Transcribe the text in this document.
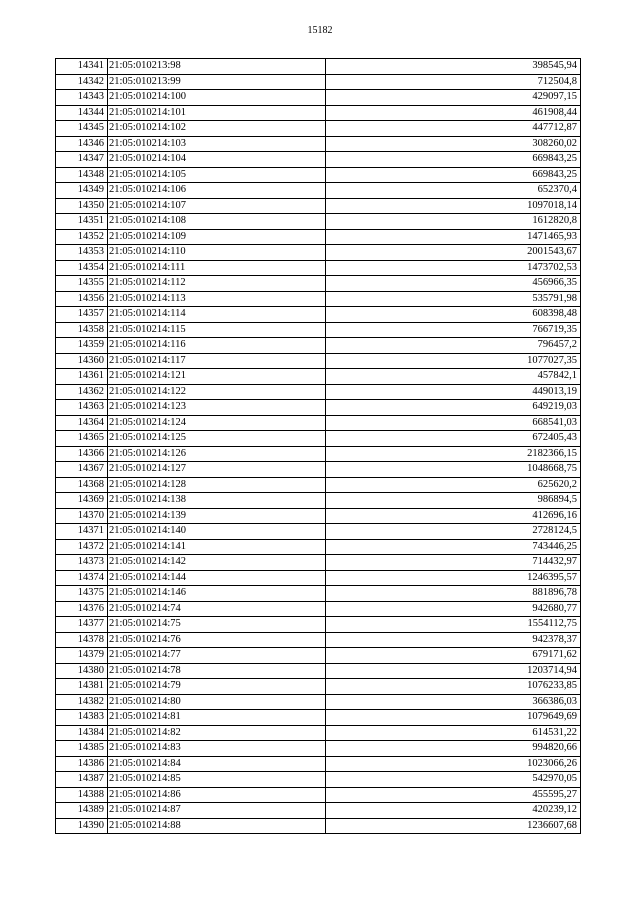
15182
14341	21:05:010213:98	398545,94
14342	21:05:010213:99	712504,8
14343	21:05:010214:100	429097,15
14344	21:05:010214:101	461908,44
14345	21:05:010214:102	447712,87
14346	21:05:010214:103	308260,02
14347	21:05:010214:104	669843,25
14348	21:05:010214:105	669843,25
14349	21:05:010214:106	652370,4
14350	21:05:010214:107	1097018,14
14351	21:05:010214:108	1612820,8
14352	21:05:010214:109	1471465,93
14353	21:05:010214:110	2001543,67
14354	21:05:010214:111	1473702,53
14355	21:05:010214:112	456966,35
14356	21:05:010214:113	535791,98
14357	21:05:010214:114	608398,48
14358	21:05:010214:115	766719,35
14359	21:05:010214:116	796457,2
14360	21:05:010214:117	1077027,35
14361	21:05:010214:121	457842,1
14362	21:05:010214:122	449013,19
14363	21:05:010214:123	649219,03
14364	21:05:010214:124	668541,03
14365	21:05:010214:125	672405,43
14366	21:05:010214:126	2182366,15
14367	21:05:010214:127	1048668,75
14368	21:05:010214:128	625620,2
14369	21:05:010214:138	986894,5
14370	21:05:010214:139	412696,16
14371	21:05:010214:140	2728124,5
14372	21:05:010214:141	743446,25
14373	21:05:010214:142	714432,97
14374	21:05:010214:144	1246395,57
14375	21:05:010214:146	881896,78
14376	21:05:010214:74	942680,77
14377	21:05:010214:75	1554112,75
14378	21:05:010214:76	942378,37
14379	21:05:010214:77	679171,62
14380	21:05:010214:78	1203714,94
14381	21:05:010214:79	1076233,85
14382	21:05:010214:80	366386,03
14383	21:05:010214:81	1079649,69
14384	21:05:010214:82	614531,22
14385	21:05:010214:83	994820,66
14386	21:05:010214:84	1023066,26
14387	21:05:010214:85	542970,05
14388	21:05:010214:86	455595,27
14389	21:05:010214:87	420239,12
14390	21:05:010214:88	1236607,68
